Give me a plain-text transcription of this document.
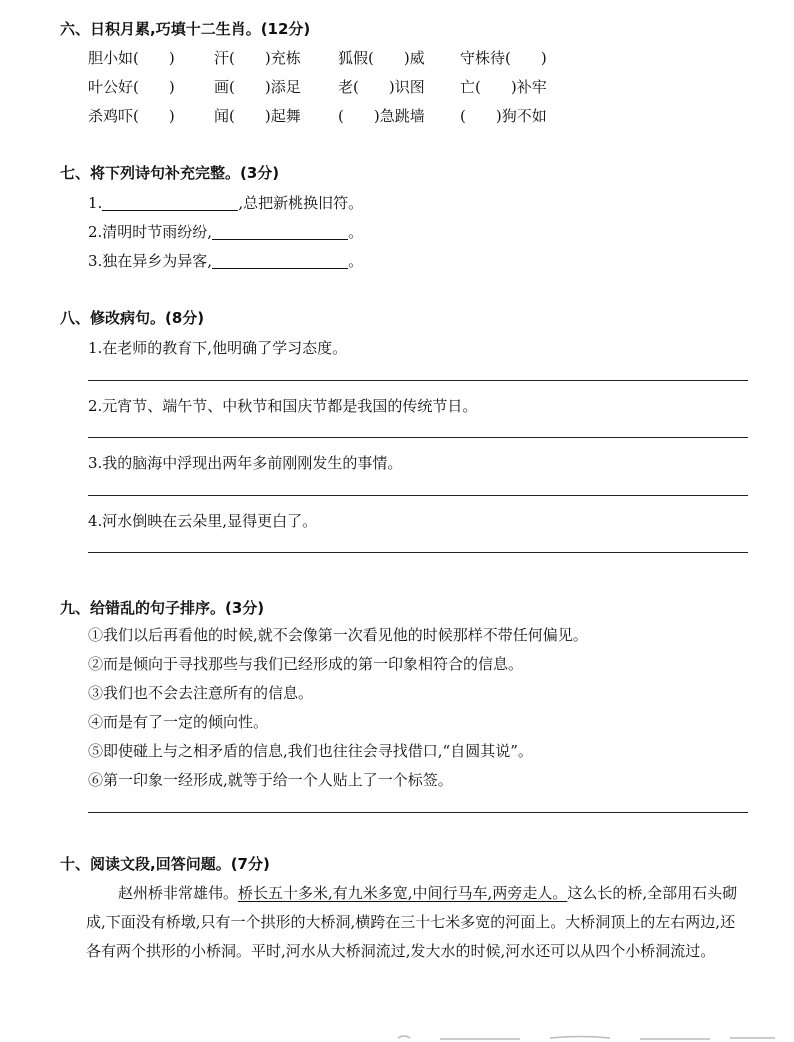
六、日积月累,巧填十二生肖。(12分)
胆小如(　　)	汗(　　)充栋 狐假(　　)威 守株待(　　)
叶公好(　　)	画(　　)添足 老(　　)识图 亡(　　)补牢
杀鸡吓(　　)	闻(　　)起舞 (　　)急跳墙 (　　)狗不如
七、将下列诗句补充完整。(3分)
1.	,总把新桃换旧符。
2.清明时节雨纷纷,	。
3.独在异乡为异客,	。
八、修改病句。(8分)
1.在老师的教育下,他明确了学习态度。
2.元宵节、端午节、中秋节和国庆节都是我国的传统节日。
3.我的脑海中浮现出两年多前刚刚发生的事情。
4.河水倒映在云朵里,显得更白了。
九、给错乱的句子排序。(3分)
①我们以后再看他的时候,就不会像第一次看见他的时候那样不带任何偏见。
②而是倾向于寻找那些与我们已经形成的第一印象相符合的信息。
③我们也不会去注意所有的信息。
④而是有了一定的倾向性。
⑤即使碰上与之相矛盾的信息,我们也往往会寻找借口,“自圆其说”。
⑥第一印象一经形成,就等于给一个人贴上了一个标签。
十、阅读文段,回答问题。(7分)

赵州桥非常雄伟。桥长五十多米,有九米多宽,中间行马车,两旁走人。这么长的桥,全部用石头砌成,下面没有桥墩,只有一个拱形的大桥洞,横跨在三十七米多宽的河面上。大桥洞顶上的左右两边,还各有两个拱形的小桥洞。平时,河水从大桥洞流过,发大水的时候,河水还可以从四个小桥洞流过。
